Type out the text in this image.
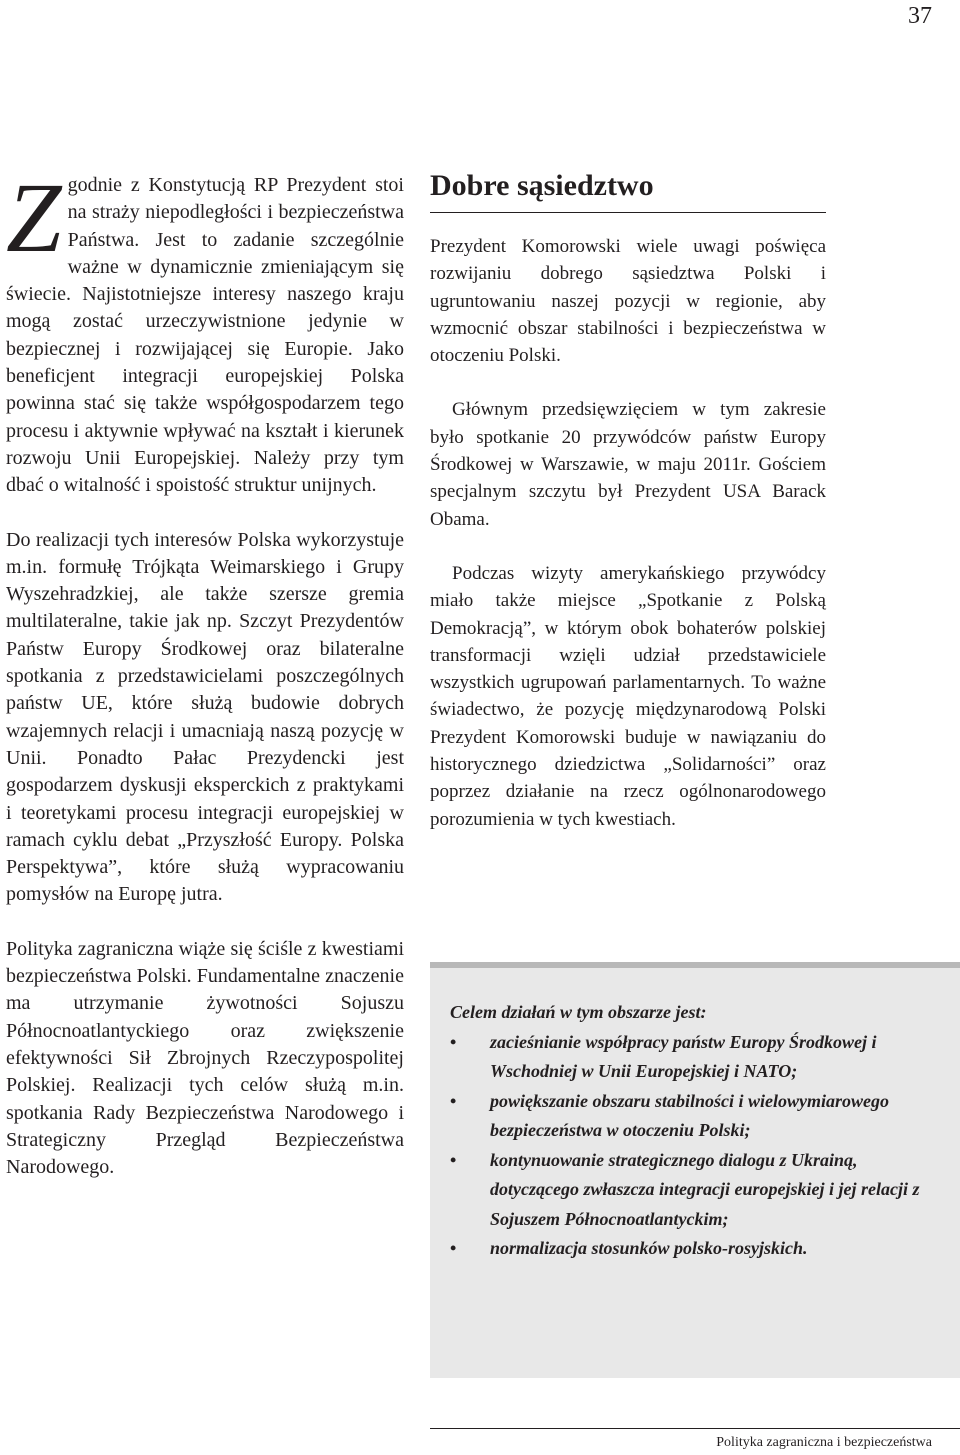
37

Zgodnie z Konstytucją RP Prezydent stoi na straży niepodległości i bezpieczeństwa Państwa. Jest to zadanie szczególnie ważne w dynamicznie zmieniającym się świecie. Najistotniejsze interesy naszego kraju mogą zostać urzeczywistnione jedynie w bezpiecznej i rozwijającej się Europie. Jako beneficjent integracji europejskiej Polska powinna stać się także współgospodarzem tego procesu i aktywnie wpływać na kształt i kierunek rozwoju Unii Europejskiej. Należy przy tym dbać o witalność i spoistość struktur unijnych.

Do realizacji tych interesów Polska wykorzystuje m.in. formułę Trójkąta Weimarskiego i Grupy Wyszehradzkiej, ale także szersze gremia multilateralne, takie jak np. Szczyt Prezydentów Państw Europy Środkowej oraz bilateralne spotkania z przedstawicielami poszczególnych państw UE, które służą budowie dobrych wzajemnych relacji i umacniają naszą pozycję w Unii. Ponadto Pałac Prezydencki jest gospodarzem dyskusji eksperckich z praktykami i teoretykami procesu integracji europejskiej w ramach cyklu debat „Przyszłość Europy. Polska Perspektywa”, które służą wypracowaniu pomysłów na Europę jutra.

Polityka zagraniczna wiąże się ściśle z kwestiami bezpieczeństwa Polski. Fundamentalne znaczenie ma utrzymanie żywotności Sojuszu Północnoatlantyckiego oraz zwiększenie efektywności Sił Zbrojnych Rzeczypospolitej Polskiej. Realizacji tych celów służą m.in. spotkania Rady Bezpieczeństwa Narodowego i Strategiczny Przegląd Bezpieczeństwa Narodowego.

Dobre sąsiedztwo

Prezydent Komorowski wiele uwagi poświęca rozwijaniu dobrego sąsiedztwa Polski i ugruntowaniu naszej pozycji w regionie, aby wzmocnić obszar stabilności i bezpieczeństwa w otoczeniu Polski.

Głównym przedsięwzięciem w tym zakresie było spotkanie 20 przywódców państw Europy Środkowej w Warszawie, w maju 2011r. Gościem specjalnym szczytu był Prezydent USA Barack Obama.

Podczas wizyty amerykańskiego przywódcy miało także miejsce „Spotkanie z Polską Demokracją”, w którym obok bohaterów polskiej transformacji wzięli udział przedstawiciele wszystkich ugrupowań parlamentarnych. To ważne świadectwo, że pozycję międzynarodową Polski Prezydent Komorowski buduje w nawiązaniu do historycznego dziedzictwa „Solidarności” oraz poprzez działanie na rzecz ogólnonarodowego porozumienia w tych kwestiach.

Celem działań w tym obszarze jest:

• zacieśnianie współpracy państw Europy Środkowej i Wschodniej w Unii Europejskiej i NATO;
• powiększanie obszaru stabilności i wielowymiarowego bezpieczeństwa w otoczeniu Polski;
• kontynuowanie strategicznego dialogu z Ukrainą, dotyczącego zwłaszcza integracji europejskiej i jej relacji z Sojuszem Północnoatlantyckim;
• normalizacja stosunków polsko-rosyjskich.
Polityka zagraniczna i bezpieczeństwa
